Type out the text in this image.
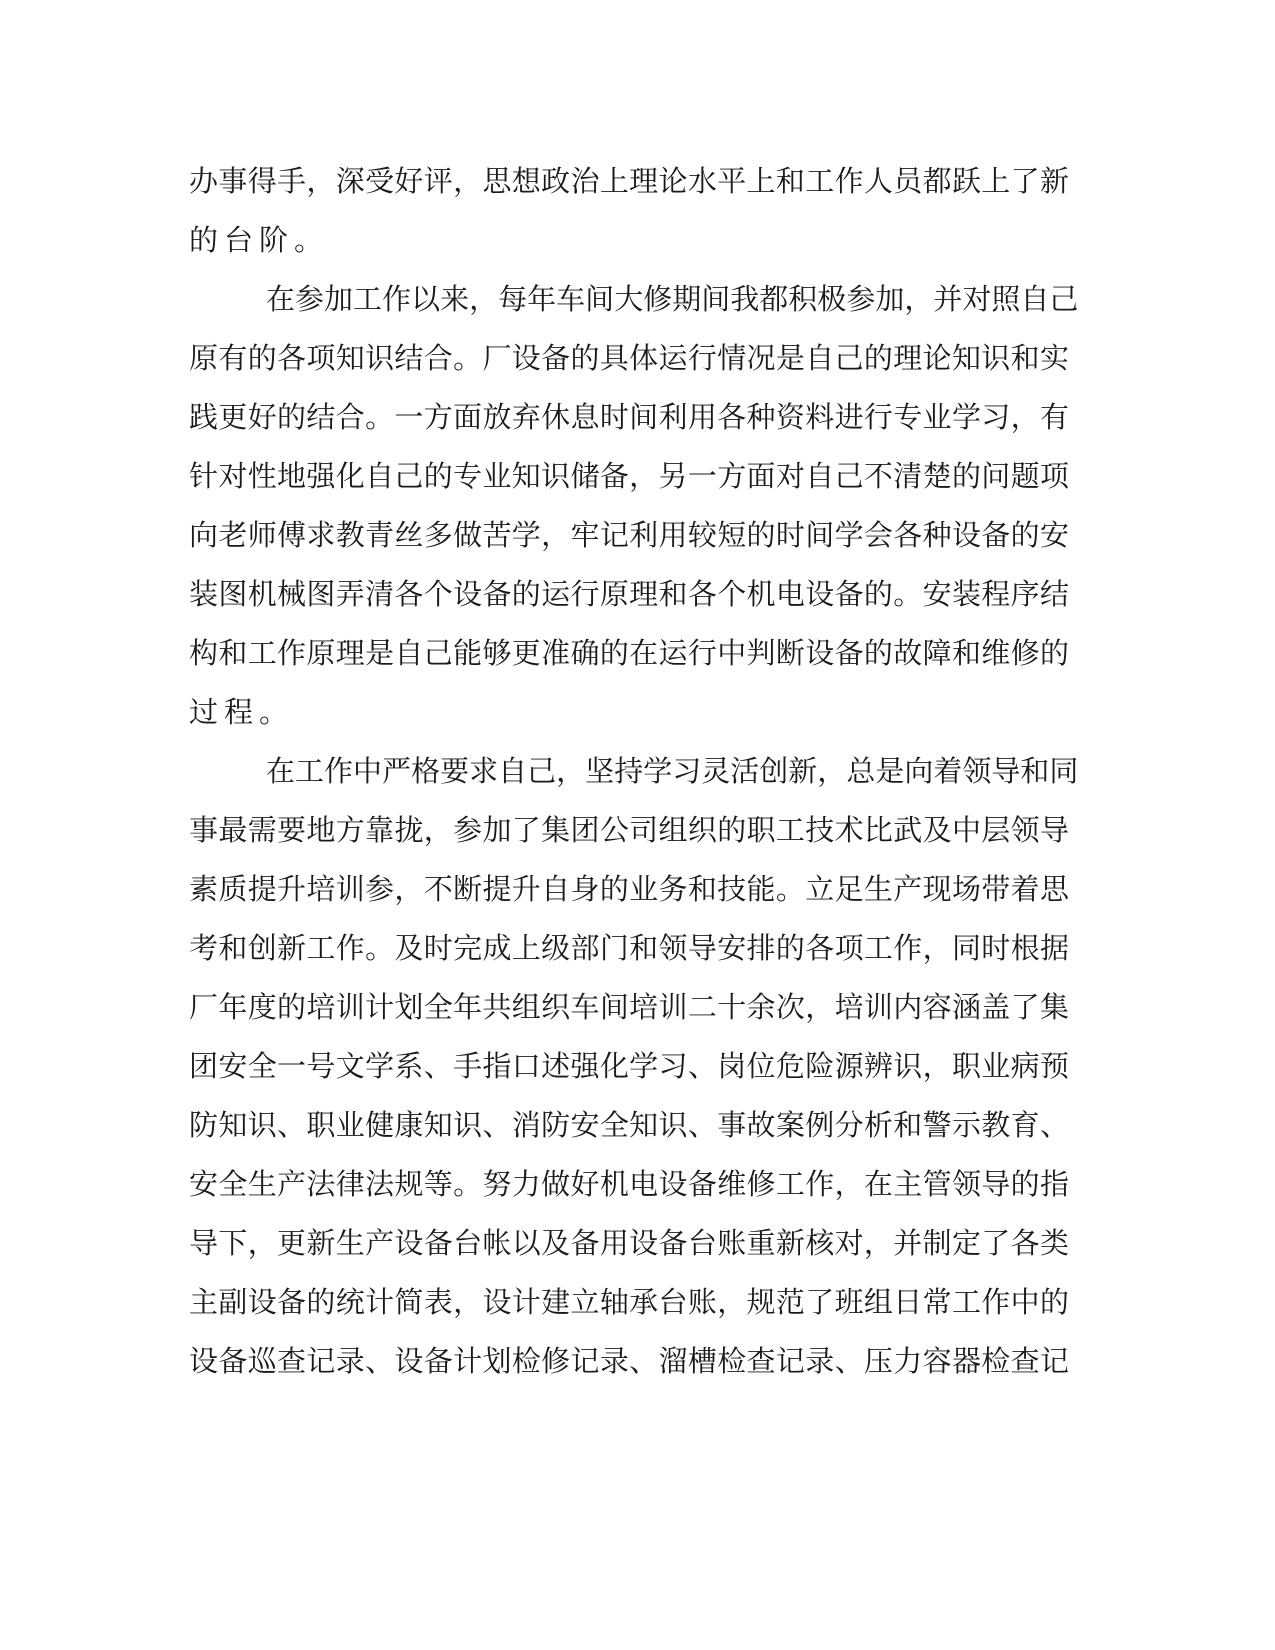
办 事 得 手 ， 深 受 好 评 ， 思 想 政 治 上 理 论 水 平 上 和 工 作 人 员 都 跃 上 了 新

的台阶。

在 参 加 工 作 以 来 ， 每 年 车 间 大 修 期 间 我 都 积 极 参 加 ， 并 对 照 自 己

原 有 的 各 项 知 识 结 合 。 厂 设 备 的 具 体 运 行 情 况 是 自 己 的 理 论 知 识 和 实

践 更 好 的 结 合 。 一 方 面 放 弃 休 息 时 间 利 用 各 种 资 料 进 行 专 业 学 习 ， 有

针 对 性 地 强 化 自 己 的 专 业 知 识 储 备 ， 另 一 方 面 对 自 己 不 清 楚 的 问 题 项

向 老 师 傅 求 教 青 丝 多 做 苦 学 ， 牢 记 利 用 较 短 的 时 间 学 会 各 种 设 备 的 安

装 图 机 械 图 弄 清 各 个 设 备 的 运 行 原 理 和 各 个 机 电 设 备 的 。 安 装 程 序 结

构 和 工 作 原 理 是 自 己 能 够 更 准 确 的 在 运 行 中 判 断 设 备 的 故 障 和 维 修 的

过程。

在 工 作 中 严 格 要 求 自 己 ， 坚 持 学 习 灵 活 创 新 ， 总 是 向 着 领 导 和 同

事 最 需 要 地 方 靠 拢 ， 参 加 了 集 团 公 司 组 织 的 职 工 技 术 比 武 及 中 层 领 导

素 质 提 升 培 训 参 ， 不 断 提 升 自 身 的 业 务 和 技 能 。 立 足 生 产 现 场 带 着 思

考 和 创 新 工 作 。 及 时 完 成 上 级 部 门 和 领 导 安 排 的 各 项 工 作 ， 同 时 根 据

厂 年 度 的 培 训 计 划 全 年 共 组 织 车 间 培 训 二 十 余 次 ， 培 训 内 容 涵 盖 了 集

团 安 全 一 号 文 学 系 、 手 指 口 述 强 化 学 习 、 岗 位 危 险 源 辨 识 ， 职 业 病 预

防 知 识 、 职 业 健 康 知 识 、 消 防 安 全 知 识 、 事 故 案 例 分 析 和 警 示 教 育 、

安 全 生 产 法 律 法 规 等 。 努 力 做 好 机 电 设 备 维 修 工 作 ， 在 主 管 领 导 的 指

导 下 ， 更 新 生 产 设 备 台 帐 以 及 备 用 设 备 台 账 重 新 核 对 ， 并 制 定 了 各 类

主 副 设 备 的 统 计 简 表 ， 设 计 建 立 轴 承 台 账 ， 规 范 了 班 组 日 常 工 作 中 的

设 备 巡 查 记 录 、 设 备 计 划 检 修 记 录 、 溜 槽 检 查 记 录 、 压 力 容 器 检 查 记
